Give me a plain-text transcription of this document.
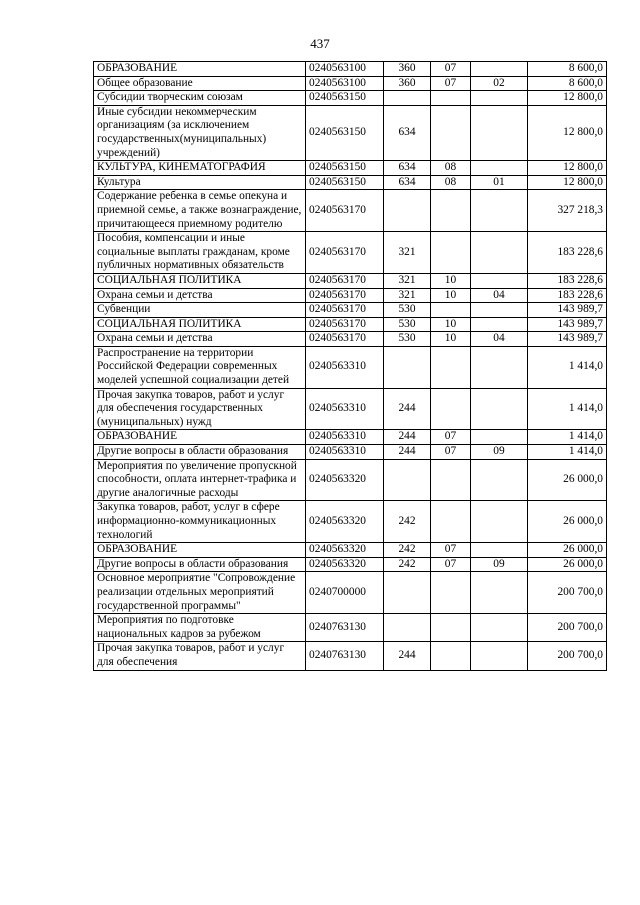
437
ОБРАЗОВАНИЕ	0240563100	360	07		8 600,0
Общее образование	0240563100	360	07	02	8 600,0
Субсидии творческим союзам	0240563150				12 800,0
Иные субсидии некоммерческим организациям (за исключением государственных(муниципальных) учреждений)	0240563150	634			12 800,0
КУЛЬТУРА, КИНЕМАТОГРАФИЯ	0240563150	634	08		12 800,0
Культура	0240563150	634	08	01	12 800,0
Содержание ребенка в семье опекуна и приемной семье, а также вознаграждение, причитающееся приемному родителю	0240563170				327 218,3
Пособия, компенсации и иные социальные выплаты гражданам, кроме публичных нормативных обязательств	0240563170	321			183 228,6
СОЦИАЛЬНАЯ ПОЛИТИКА	0240563170	321	10		183 228,6
Охрана семьи и детства	0240563170	321	10	04	183 228,6
Субвенции	0240563170	530			143 989,7
СОЦИАЛЬНАЯ ПОЛИТИКА	0240563170	530	10		143 989,7
Охрана семьи и детства	0240563170	530	10	04	143 989,7
Распространение на территории Российской Федерации современных моделей успешной социализации детей	0240563310				1 414,0
Прочая закупка товаров, работ и услуг для обеспечения государственных (муниципальных) нужд	0240563310	244			1 414,0
ОБРАЗОВАНИЕ	0240563310	244	07		1 414,0
Другие вопросы в области образования	0240563310	244	07	09	1 414,0
Мероприятия по увеличение пропускной способности, оплата интернет-трафика и другие аналогичные расходы	0240563320				26 000,0
Закупка товаров, работ, услуг в сфере информационно-коммуникационных технологий	0240563320	242			26 000,0
ОБРАЗОВАНИЕ	0240563320	242	07		26 000,0
Другие вопросы в области образования	0240563320	242	07	09	26 000,0
Основное мероприятие "Сопровождение реализации отдельных мероприятий государственной программы"	0240700000				200 700,0
Мероприятия по подготовке национальных кадров за рубежом	0240763130				200 700,0
Прочая закупка товаров, работ и услуг для обеспечения	0240763130	244			200 700,0
